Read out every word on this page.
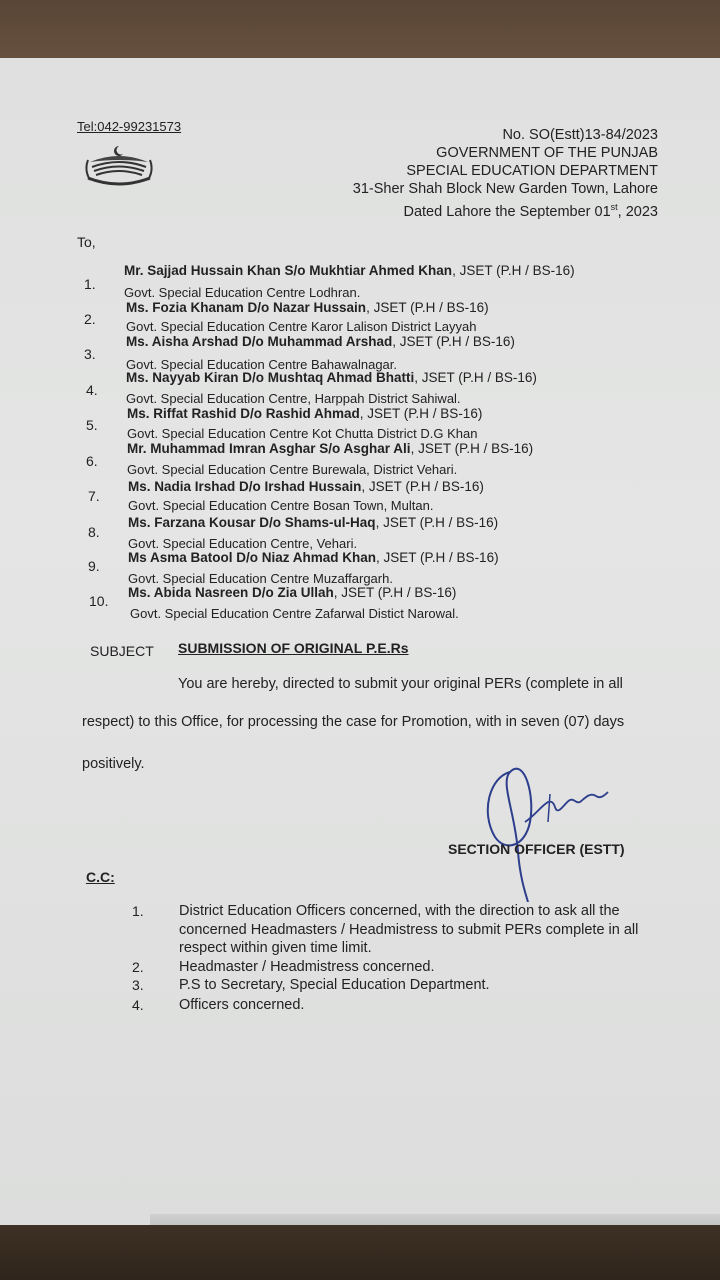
Tel:042-99231573
No. SO(Estt)13-84/2023
GOVERNMENT OF THE PUNJAB
SPECIAL EDUCATION DEPARTMENT
31-Sher Shah Block New Garden Town, Lahore
Dated Lahore the September 01st, 2023
To,
1.
Mr. Sajjad Hussain Khan S/o Mukhtiar Ahmed Khan, JSET (P.H / BS-16)
Govt. Special Education Centre Lodhran.
2.
Ms. Fozia Khanam D/o Nazar Hussain, JSET (P.H / BS-16)
Govt. Special Education Centre Karor Lalison District Layyah
3.
Ms. Aisha Arshad D/o Muhammad Arshad, JSET (P.H / BS-16)
Govt. Special Education Centre Bahawalnagar.
4.
Ms. Nayyab Kiran D/o Mushtaq Ahmad Bhatti, JSET (P.H / BS-16)
Govt. Special Education Centre, Harppah District Sahiwal.
5.
Ms. Riffat Rashid D/o Rashid Ahmad, JSET (P.H / BS-16)
Govt. Special Education Centre Kot Chutta District D.G Khan
6.
Mr. Muhammad Imran Asghar S/o Asghar Ali, JSET (P.H / BS-16)
Govt. Special Education Centre Burewala, District Vehari.
7.
Ms. Nadia Irshad D/o Irshad Hussain, JSET (P.H / BS-16)
Govt. Special Education Centre Bosan Town, Multan.
8.
Ms. Farzana Kousar D/o Shams-ul-Haq, JSET (P.H / BS-16)
Govt. Special Education Centre, Vehari.
9.
Ms Asma Batool D/o Niaz Ahmad Khan, JSET (P.H / BS-16)
Govt. Special Education Centre Muzaffargarh.
10.
Ms. Abida Nasreen D/o Zia Ullah, JSET (P.H / BS-16)
Govt. Special Education Centre Zafarwal Distict Narowal.
SUBJECT SUBMISSION OF ORIGINAL P.E.Rs
You are hereby, directed to submit your original PERs (complete in all
respect) to this Office, for processing the case for Promotion, with in seven (07) days
positively.
SECTION OFFICER (ESTT)
C.C:
1.	District Education Officers concerned, with the direction to ask all the concerned Headmasters / Headmistress to submit PERs complete in all respect within given time limit.
2.	Headmaster / Headmistress concerned.
3.	P.S to Secretary, Special Education Department.
4.	Officers concerned.
